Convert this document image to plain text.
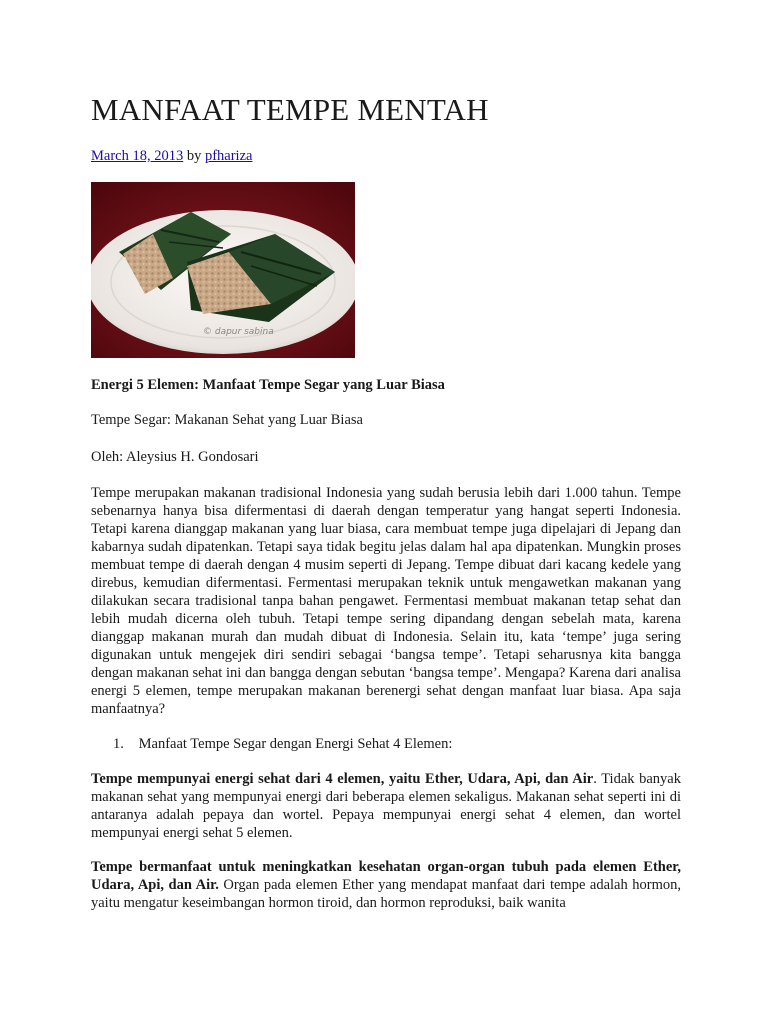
MANFAAT TEMPE MENTAH
March 18, 2013 by pfhariza
© dapur sabina
Energi 5 Elemen: Manfaat Tempe Segar yang Luar Biasa
Tempe Segar: Makanan Sehat yang Luar Biasa
Oleh: Aleysius H. Gondosari

Tempe merupakan makanan tradisional Indonesia yang sudah berusia lebih dari 1.000 tahun. Tempe sebenarnya hanya bisa difermentasi di daerah dengan temperatur yang hangat seperti Indonesia. Tetapi karena dianggap makanan yang luar biasa, cara membuat tempe juga dipelajari di Jepang dan kabarnya sudah dipatenkan. Tetapi saya tidak begitu jelas dalam hal apa dipatenkan. Mungkin proses membuat tempe di daerah dengan 4 musim seperti di Jepang. Tempe dibuat dari kacang kedele yang direbus, kemudian difermentasi. Fermentasi merupakan teknik untuk mengawetkan makanan yang dilakukan secara tradisional tanpa bahan pengawet. Fermentasi membuat makanan tetap sehat dan lebih mudah dicerna oleh tubuh. Tetapi tempe sering dipandang dengan sebelah mata, karena dianggap makanan murah dan mudah dibuat di Indonesia. Selain itu, kata ‘tempe’ juga sering digunakan untuk mengejek diri sendiri sebagai ‘bangsa tempe’. Tetapi seharusnya kita bangga dengan makanan sehat ini dan bangga dengan sebutan ‘bangsa tempe’. Mengapa? Karena dari analisa energi 5 elemen, tempe merupakan makanan berenergi sehat dengan manfaat luar biasa. Apa saja manfaatnya?

1. Manfaat Tempe Segar dengan Energi Sehat 4 Elemen:

Tempe mempunyai energi sehat dari 4 elemen, yaitu Ether, Udara, Api, dan Air. Tidak banyak makanan sehat yang mempunyai energi dari beberapa elemen sekaligus. Makanan sehat seperti ini di antaranya adalah pepaya dan wortel. Pepaya mempunyai energi sehat 4 elemen, dan wortel mempunyai energi sehat 5 elemen.

Tempe bermanfaat untuk meningkatkan kesehatan organ-organ tubuh pada elemen Ether, Udara, Api, dan Air. Organ pada elemen Ether yang mendapat manfaat dari tempe adalah hormon, yaitu mengatur keseimbangan hormon tiroid, dan hormon reproduksi, baik wanita
